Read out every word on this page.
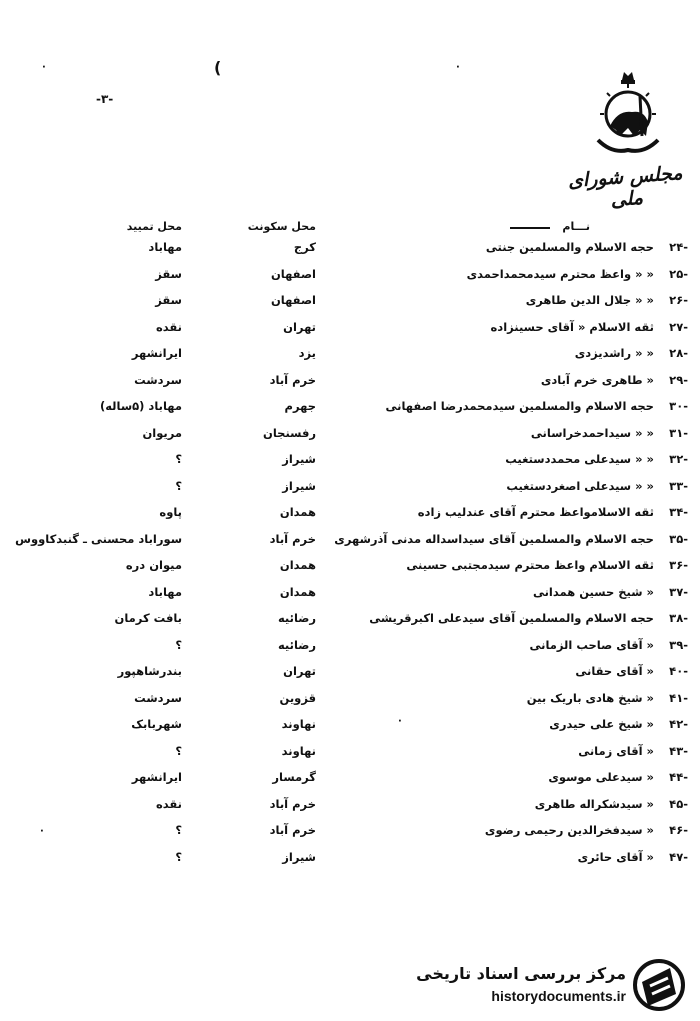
·	(	·
·
·
-۳-
مجلس شورای ملی
نـــام
محل سکونت
محل تمیید
-۲۴ حجه الاسلام والمسلمین جنتی
کرج
مهاباد
-۲۵ « « واعظ محترم سیدمحمداحمدی
اصفهان
سقز
-۲۶ « « جلال الدین طاهری
اصفهان
سقز
-۲۷ ثقه الاسلام « آقای حسینزاده
تهران
نقده
-۲۸ « « راشدیزدی
یزد
ایرانشهر
-۲۹ « طاهری خرم آبادی
خرم آباد
سردشت
-۳۰ حجه الاسلام والمسلمین سیدمحمدرضا اصفهانی
جهرم
مهاباد (۵ساله)
-۳۱ « « سیداحمدخراسانی
رفسنجان
مریوان
-۳۲ « « سیدعلی محمددستغیب
شیراز
؟
-۳۳ « « سیدعلی اصغردستغیب
شیراز
؟
-۳۴ ثقه الاسلامواعظ محترم آقای عندلیب زاده
همدان
پاوه
-۳۵ حجه الاسلام والمسلمین آقای سیداسداله مدنی آذرشهری
خرم آباد
سوراباد محسنی ـ گنبدکاووس
-۳۶ ثقه الاسلام واعظ محترم سیدمجتبی حسینی
همدان
میوان دره
-۳۷ « شیخ حسین همدانی
همدان
مهاباد
-۳۸ حجه الاسلام والمسلمین آقای سیدعلی اکبرقریشی
رضائیه
بافت کرمان
-۳۹ « آقای صاحب الزمانی
رضائیه
؟
-۴۰ « آقای حقانی
تهران
بندرشاهپور
-۴۱ « شیخ هادی باریک بین
قزوین
سردشت
-۴۲ « شیخ علی حیدری
نهاوند
شهربابک
-۴۳ « آقای زمانی
نهاوند
؟
-۴۴ « سیدعلی موسوی
گرمسار
ایرانشهر
-۴۵ « سیدشکراله طاهری
خرم آباد
نقده
-۴۶ « سیدفخرالدین رحیمی رضوی
خرم آباد
؟
-۴۷ « آقای حائری
شیراز
؟
مرکز بررسی اسناد تاریخی
historydocuments.ir
